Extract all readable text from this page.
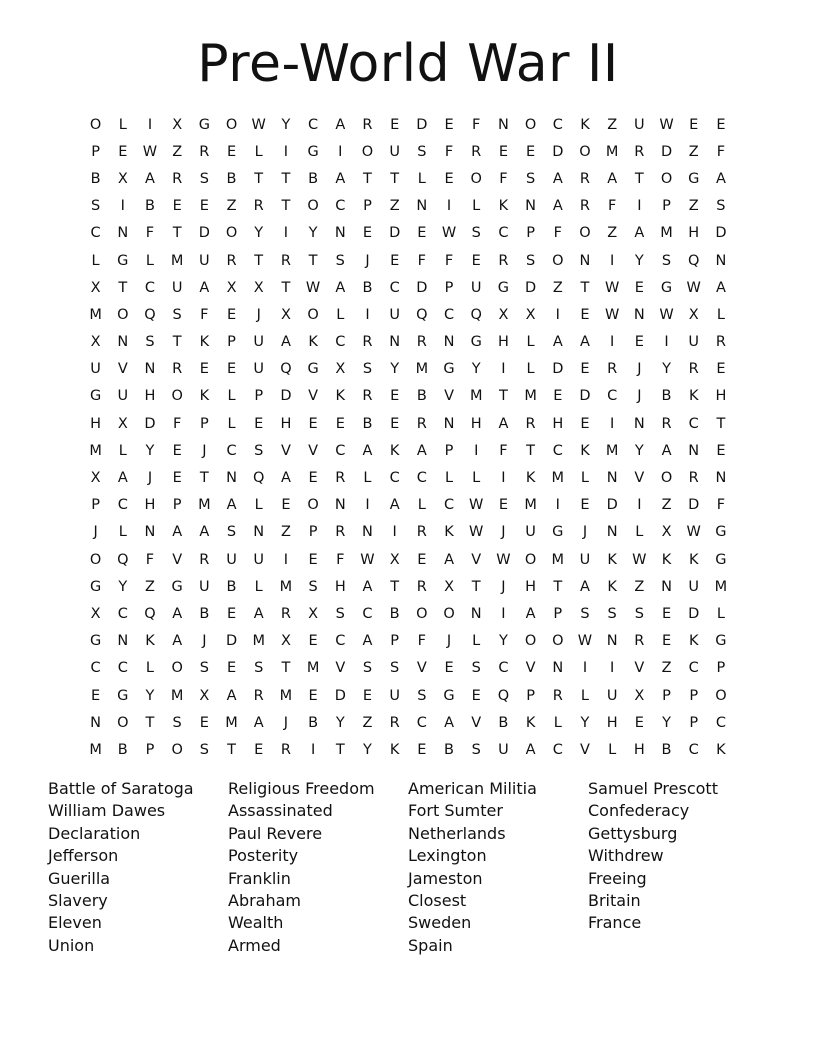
Pre-World War II
O	L	I	X	G	O W	Y	C	A	R	E	D	E	F	N	O	C	K	Z	U	W	E	E
P	E	W	Z	R	E	L	I	G	I	O	U	S	F	R	E	E	D	O	M	R	D	Z	F
B	X	A	R	S	B	T	T	B	A	T	T	L	E	O	F	S	A	R	A	T	O	G	A
S	I	B	E	E	Z	R	T	O	C	P	Z	N	I	L	K	N	A	R	F	I	P	Z	S
C	N	F	T	D	O	Y	I	Y	N	E	D	E	W	S	C	P	F	O	Z	A	M	H	D
L	G	L	M	U	R	T	R	T	S	J	E	F	F	E	R	S	O	N	I	Y	S	Q	N
X	T	C	U	A	X	X	T	W	A	B	C	D	P	U	G	D	Z	T	W	E	G W	A
M	O	Q	S	F	E	J	X	O	L	I	U	Q	C	Q	X	X	I	E	W	N	W	X	L
X	N	S	T	K	P	U	A	K	C	R	N	R	N	G	H	L	A	A	I	E	I	U	R
U	V	N	R	E	E	U	Q	G	X	S	Y	M	G	Y	I	L	D	E	R	J	Y	R	E
G	U	H	O	K	L	P	D	V	K	R	E	B	V	M	T	M	E	D	C	J	B	K	H
H	X	D	F	P	L	E	H	E	E	B	E	R	N	H	A	R	H	E	I	N	R	C	T
M	L	Y	E	J	C	S	V	V	C	A	K	A	P	I	F	T	C	K	M	Y	A	N	E
X	A	J	E	T	N	Q	A	E	R	L	C	C	L	L	I	K	M	L	N	V	O	R	N
P	C	H	P	M	A	L	E	O	N	I	A	L	C	W	E	M	I	E	D	I	Z	D	F
J	L	N	A	A	S	N	Z	P	R	N	I	R	K	W	J	U	G	J	N	L	X	W G
O	Q	F	V	R	U	U	I	E	F	W	X	E	A	V	W O	M	U	K	W	K	K	G
G	Y	Z	G	U	B	L	M	S	H	A	T	R	X	T	J	H	T	A	K	Z	N	U	M
X	C	Q	A	B	E	A	R	X	S	C	B	O	O	N	I	A	P	S	S	S	E	D	L
G	N	K	A	J	D	M	X	E	C	A	P	F	J	L	Y	O	O W	N	R	E	K	G
C	C	L	O	S	E	S	T	M	V	S	S	V	E	S	C	V	N	I	I	V	Z	C	P
E	G	Y	M	X	A	R	M	E	D	E	U	S	G	E	Q	P	R	L	U	X	P	P	O
N	O	T	S	E	M	A	J	B	Y	Z	R	C	A	V	B	K	L	Y	H	E	Y	P	C
M	B	P	O	S	T	E	R	I	T	Y	K	E	B	S	U	A	C	V	L	H	B	C	K
Battle of Saratoga
William Dawes
Declaration
Jefferson
Guerilla
Slavery
Eleven
Union
Religious Freedom
Assassinated
Paul Revere
Posterity
Franklin
Abraham
Wealth
Armed
American Militia
Fort Sumter
Netherlands
Lexington
Jameston
Closest
Sweden
Spain
Samuel Prescott
Confederacy
Gettysburg
Withdrew
Freeing
Britain
France
